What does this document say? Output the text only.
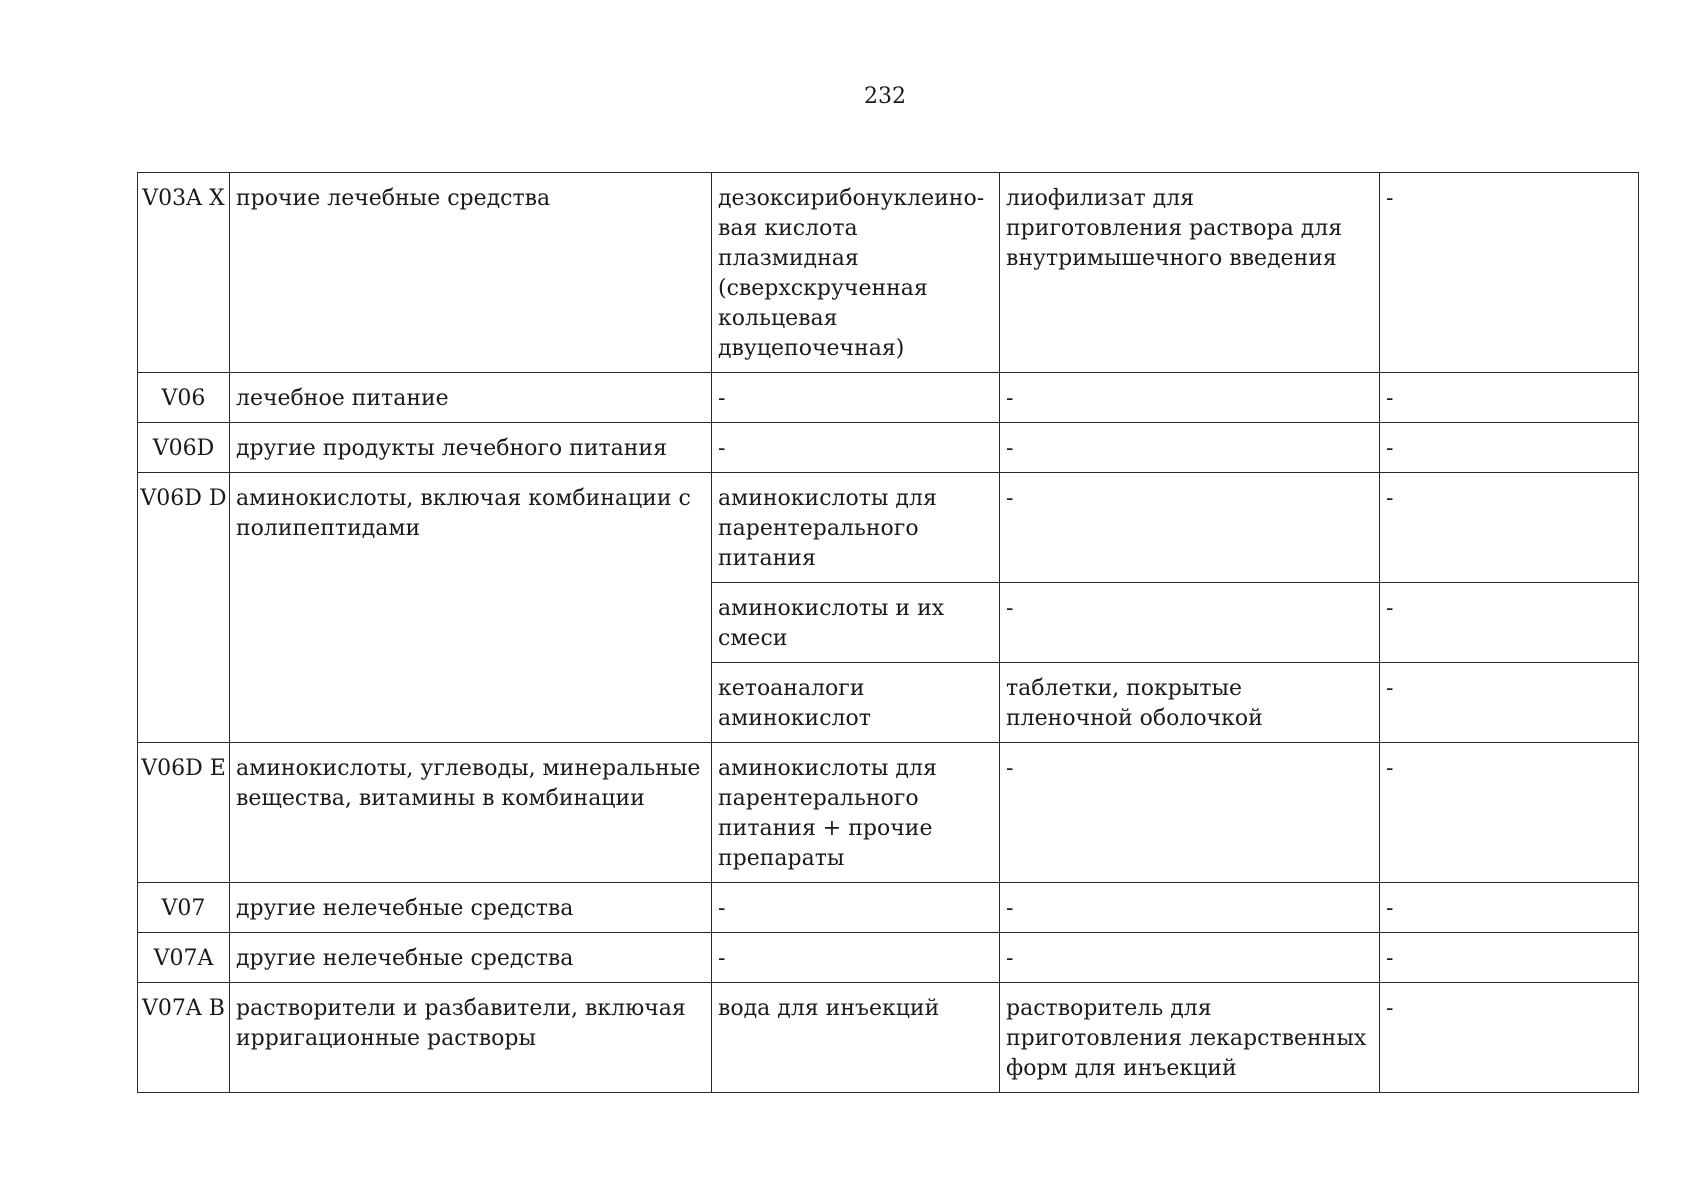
232
V03A X	прочие лечебные средства	дезоксирибонуклеино-вая кислота плазмидная (сверхскрученная кольцевая двуцепочечная)	лиофилизат для приготовления раствора для внутримышечного введения	-
V06	лечебное питание	-	-	-
V06D	другие продукты лечебного питания	-	-	-
V06D D	аминокислоты, включая комбинации с полипептидами	аминокислоты для парентерального питания	-	-
		аминокислоты и их смеси	-	-
		кетоаналоги аминокислот	таблетки, покрытые пленочной оболочкой	-
V06D E	аминокислоты, углеводы, минеральные вещества, витамины в комбинации	аминокислоты для парентерального питания + прочие препараты	-	-
V07	другие нелечебные средства	-	-	-
V07A	другие нелечебные средства	-	-	-
V07A B	растворители и разбавители, включая ирригационные растворы	вода для инъекций	растворитель для приготовления лекарственных форм для инъекций	-
